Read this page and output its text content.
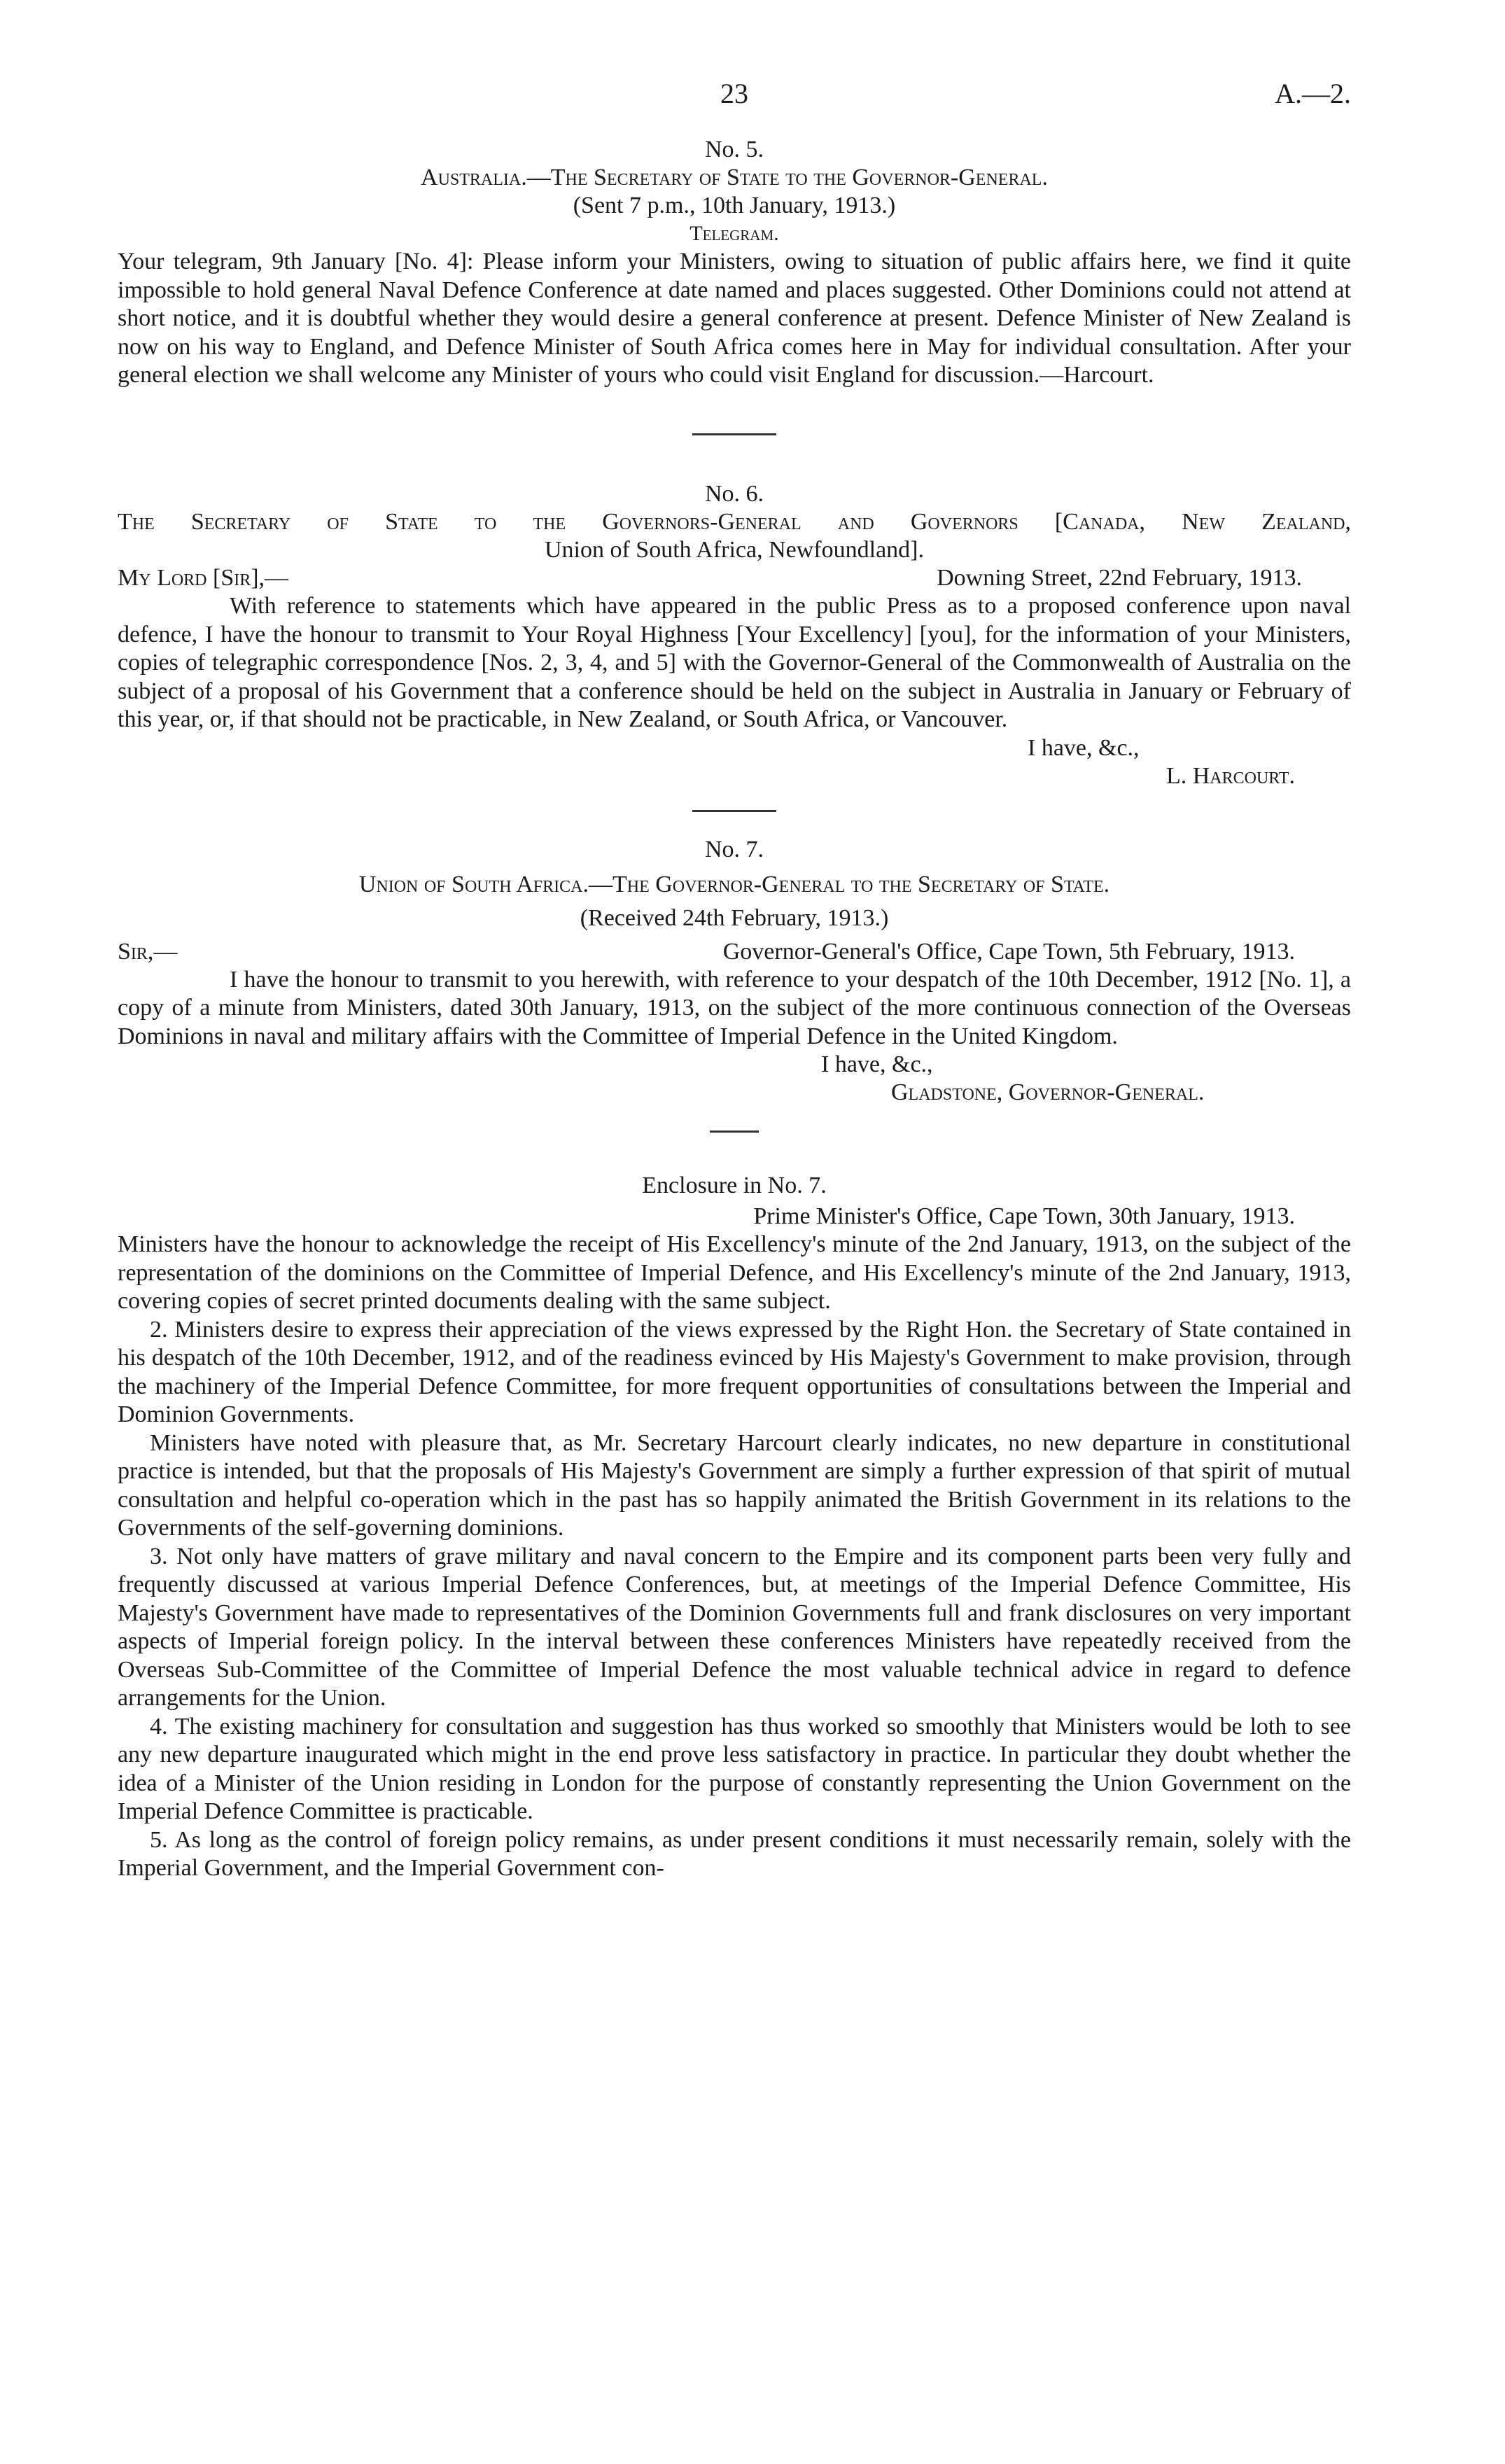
23	A.—2.

No. 5.

Australia.—The Secretary of State to the Governor-General.

(Sent 7 p.m., 10th January, 1913.)

Telegram.

Your telegram, 9th January [No. 4]: Please inform your Ministers, owing to situation of public affairs here, we find it quite impossible to hold general Naval Defence Conference at date named and places suggested. Other Dominions could not attend at short notice, and it is doubtful whether they would desire a general conference at present. Defence Minister of New Zealand is now on his way to England, and Defence Minister of South Africa comes here in May for individual consultation. After your general election we shall welcome any Minister of yours who could visit England for discussion.—Harcourt.

No. 6.

The Secretary of State to the Governors-General and Governors [Canada, New Zealand,

Union of South Africa, Newfoundland].

My Lord [Sir],—	Downing Street, 22nd February, 1913.

With reference to statements which have appeared in the public Press as to a proposed conference upon naval defence, I have the honour to transmit to Your Royal Highness [Your Excellency] [you], for the information of your Ministers, copies of telegraphic correspondence [Nos. 2, 3, 4, and 5] with the Governor-General of the Commonwealth of Australia on the subject of a proposal of his Government that a conference should be held on the subject in Australia in January or February of this year, or, if that should not be practicable, in New Zealand, or South Africa, or Vancouver.

I have, &c.,

L. Harcourt.

No. 7.

Union of South Africa.—The Governor-General to the Secretary of State.

(Received 24th February, 1913.)

Sir,—	Governor-General's Office, Cape Town, 5th February, 1913.

I have the honour to transmit to you herewith, with reference to your despatch of the 10th December, 1912 [No. 1], a copy of a minute from Ministers, dated 30th January, 1913, on the subject of the more continuous connection of the Overseas Dominions in naval and military affairs with the Committee of Imperial Defence in the United Kingdom.

I have, &c.,

Gladstone, Governor-General.

Enclosure in No. 7.

Prime Minister's Office, Cape Town, 30th January, 1913.

Ministers have the honour to acknowledge the receipt of His Excellency's minute of the 2nd January, 1913, on the subject of the representation of the dominions on the Committee of Imperial Defence, and His Excellency's minute of the 2nd January, 1913, covering copies of secret printed documents dealing with the same subject.

2. Ministers desire to express their appreciation of the views expressed by the Right Hon. the Secretary of State contained in his despatch of the 10th December, 1912, and of the readiness evinced by His Majesty's Government to make provision, through the machinery of the Imperial Defence Committee, for more frequent opportunities of consultations between the Imperial and Dominion Governments.

Ministers have noted with pleasure that, as Mr. Secretary Harcourt clearly indicates, no new departure in constitutional practice is intended, but that the proposals of His Majesty's Government are simply a further expression of that spirit of mutual consultation and helpful co-operation which in the past has so happily animated the British Government in its relations to the Governments of the self-governing dominions.

3. Not only have matters of grave military and naval concern to the Empire and its component parts been very fully and frequently discussed at various Imperial Defence Conferences, but, at meetings of the Imperial Defence Committee, His Majesty's Government have made to representatives of the Dominion Governments full and frank disclosures on very important aspects of Imperial foreign policy. In the interval between these conferences Ministers have repeatedly received from the Overseas Sub-Committee of the Committee of Imperial Defence the most valuable technical advice in regard to defence arrangements for the Union.

4. The existing machinery for consultation and suggestion has thus worked so smoothly that Ministers would be loth to see any new departure inaugurated which might in the end prove less satisfactory in practice. In particular they doubt whether the idea of a Minister of the Union residing in London for the purpose of constantly representing the Union Government on the Imperial Defence Committee is practicable.

5. As long as the control of foreign policy remains, as under present conditions it must necessarily remain, solely with the Imperial Government, and the Imperial Government con-
